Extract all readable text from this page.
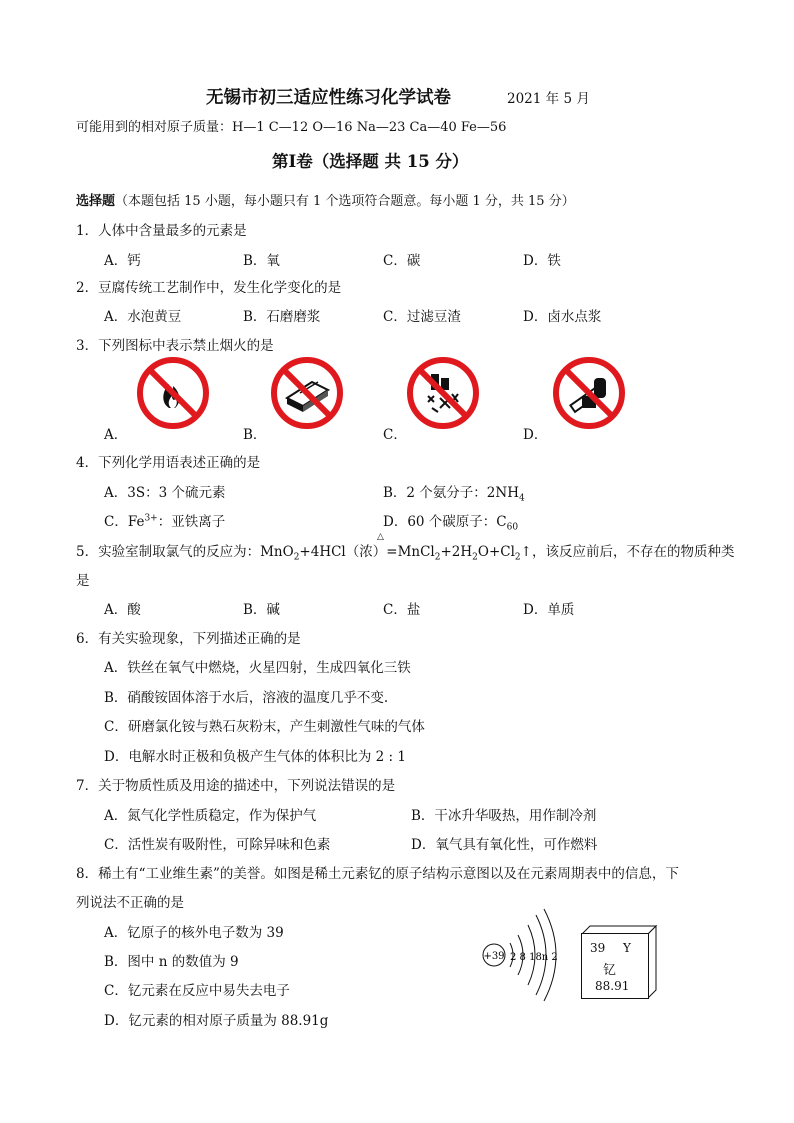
无锡市初三适应性练习化学试卷	2021 年 5 月
可能用到的相对原子质量：H—1 C—12 O—16 Na—23 Ca—40 Fe—56
第Ⅰ卷（选择题 共 15 分）
选择题（本题包括 15 小题，每小题只有 1 个选项符合题意。每小题 1 分，共 15 分）
1．人体中含量最多的元素是
A．钙	B．氧	C．碳	D．铁
2．豆腐传统工艺制作中，发生化学变化的是
A．水泡黄豆	B．石磨磨浆	C．过滤豆渣	D．卤水点浆
3．下列图标中表示禁止烟火的是
A．	B．	C．	D．
4．下列化学用语表述正确的是
A．3S：3 个硫元素	B．2 个氨分子：$2NH_4$
C．$Fe^{3+}$：亚铁离子	D．60 个碳原子：$C_{60}$
5．实验室制取氯气的反应为：MnO$_2$+4HCl（浓）$=MnCl_2+2H_2O+Cl_2↑$，该反应前后，不存在的物质种类
△
是
A．酸	B．碱	C．盐	D．单质
6．有关实验现象，下列描述正确的是
A．铁丝在氧气中燃烧，火星四射，生成四氧化三铁
B．硝酸铵固体溶于水后，溶液的温度几乎不变.
C．研磨氯化铵与熟石灰粉末，产生刺激性气味的气体
D．电解水时正极和负极产生气体的体积比为 2 : 1
7．关于物质性质及用途的描述中，下列说法错误的是
A．氮气化学性质稳定，作为保护气	B．干冰升华吸热，用作制冷剂
C．活性炭有吸附性，可除异味和色素	D．氧气具有氧化性，可作燃料
8．稀土有“工业维生素”的美誉。如图是稀土元素钇的原子结构示意图以及在元素周期表中的信息，下
列说法不正确的是
A．钇原子的核外电子数为 39
B．图中 n 的数值为 9
C．钇元素在反应中易失去电子
D．钇元素的相对原子质量为 88.91g
+39 2 8 18n 2
39 Y
钇
88.91
